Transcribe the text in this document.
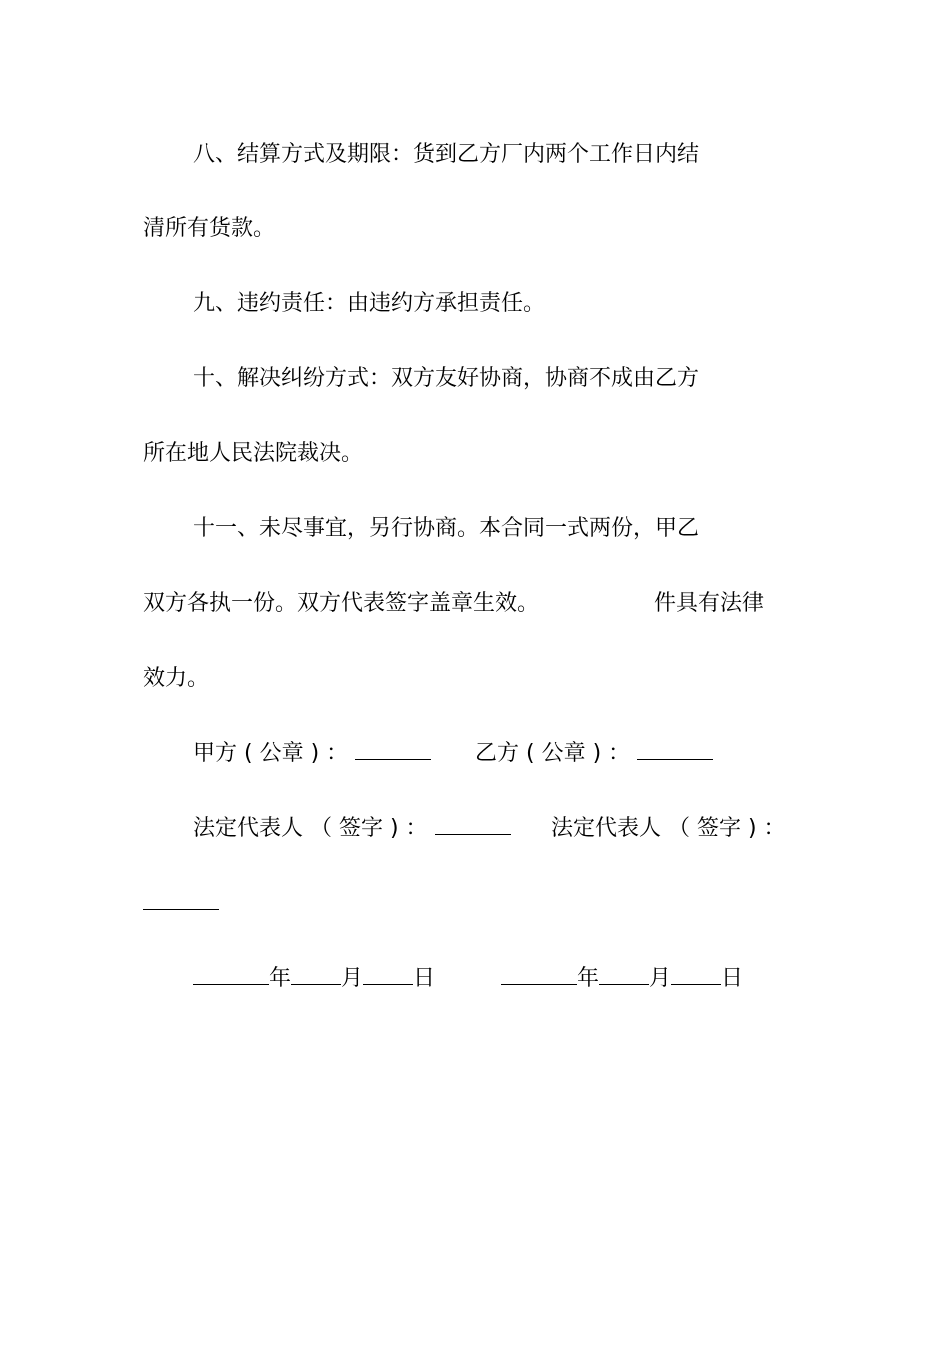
八、结算方式及期限：货到乙方厂内两个工作日内结
清所有货款。
九、违约责任：由违约方承担责任。
十、解决纠纷方式：双方友好协商，协商不成由乙方
所在地人民法院裁决。
十一、未尽事宜，另行协商。本合同一式两份，甲乙
双方各执一份。双方代表签字盖章生效。	件具有法律
效力。
甲方 ( 公章 ) ：	乙方 ( 公章 ) ：
法定代表人 （ 签字 ) ：	法定代表人 （ 签字 ) ：
年 月 日	年 月 日
